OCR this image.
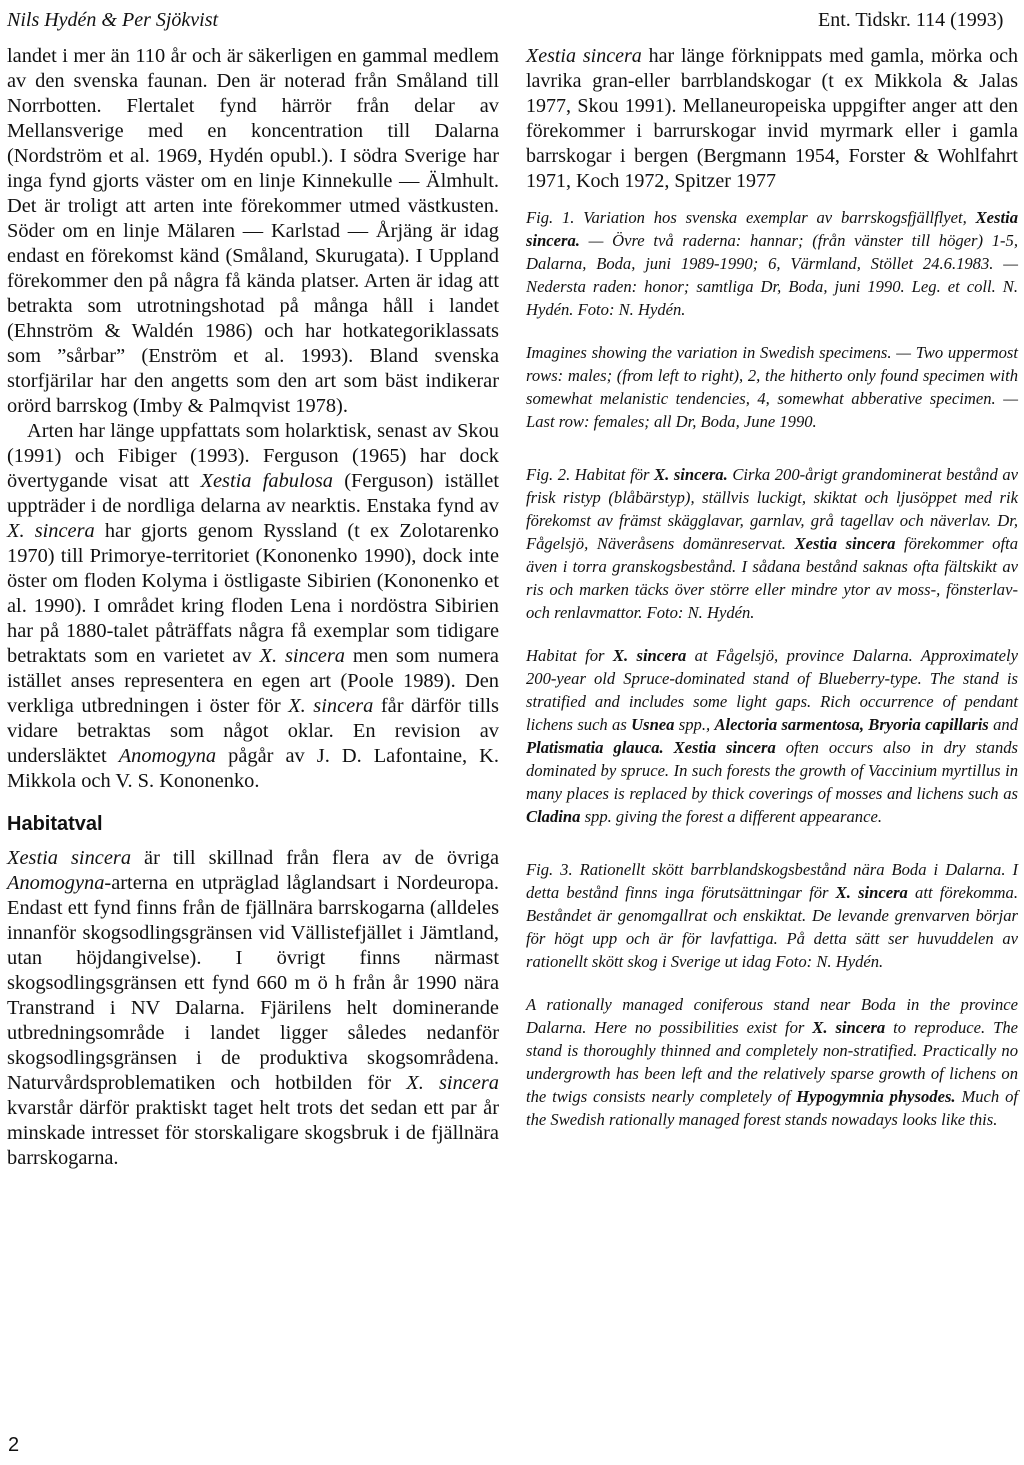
Nils Hydén & Per Sjökvist	Ent. Tidskr. 114 (1993)

landet i mer än 110 år och är säkerligen en gammal medlem av den svenska faunan. Den är noterad från Småland till Norrbotten. Flertalet fynd härrör från delar av Mellansverige med en koncentration till Dalarna (Nordström et al. 1969, Hydén opubl.). I södra Sverige har inga fynd gjorts väster om en linje Kinnekulle — Älmhult. Det är troligt att arten inte förekommer utmed västkusten. Söder om en linje Mälaren — Karlstad — Årjäng är idag endast en förekomst känd (Småland, Skurugata). I Uppland förekommer den på några få kända platser. Arten är idag att betrakta som utrotningshotad på många håll i landet (Ehnström & Waldén 1986) och har hotkategoriklassats som ”sårbar” (Enström et al. 1993). Bland svenska storfjärilar har den angetts som den art som bäst indikerar orörd barrskog (Imby & Palmqvist 1978).

Arten har länge uppfattats som holarktisk, senast av Skou (1991) och Fibiger (1993). Ferguson (1965) har dock övertygande visat att Xestia fabulosa (Ferguson) istället uppträder i de nordliga delarna av nearktis. Enstaka fynd av X. sincera har gjorts genom Ryssland (t ex Zolotarenko 1970) till Primorye-territoriet (Kononenko 1990), dock inte öster om floden Kolyma i östligaste Sibirien (Kononenko et al. 1990). I området kring floden Lena i nordöstra Sibirien har på 1880-talet påträffats några få exemplar som tidigare betraktats som en varietet av X. sincera men som numera istället anses representera en egen art (Poole 1989). Den verkliga utbredningen i öster för X. sincera får därför tills vidare betraktas som något oklar. En revision av undersläktet Anomogyna pågår av J. D. Lafontaine, K. Mikkola och V. S. Kononenko.

Habitatval

Xestia sincera är till skillnad från flera av de övriga Anomogyna-arterna en utpräglad låglandsart i Nordeuropa. Endast ett fynd finns från de fjällnära barrskogarna (alldeles innanför skogsodlingsgränsen vid Vällistefjället i Jämtland, utan höjdangivelse). I övrigt finns närmast skogsodlingsgränsen ett fynd 660 m ö h från år 1990 nära Transtrand i NV Dalarna. Fjärilens helt dominerande utbredningsområde i landet ligger således nedanför skogsodlingsgränsen i de produktiva skogsområdena. Naturvårdsproblematiken och hotbilden för X. sincera kvarstår därför praktiskt taget helt trots det sedan ett par år minskade intresset för storskaligare skogsbruk i de fjällnära barrskogarna.

Xestia sincera har länge förknippats med gamla, mörka och lavrika gran-eller barrblandskogar (t ex Mikkola & Jalas 1977, Skou 1991). Mellaneuropeiska uppgifter anger att den förekommer i barrurskogar invid myrmark eller i gamla barrskogar i bergen (Bergmann 1954, Forster & Wohlfahrt 1971, Koch 1972, Spitzer 1977

Fig. 1. Variation hos svenska exemplar av barrskogsfjällflyet, Xestia sincera. — Övre två raderna: hannar; (från vänster till höger) 1-5, Dalarna, Boda, juni 1989-1990; 6, Värmland, Stöllet 24.6.1983. — Nedersta raden: honor; samtliga Dr, Boda, juni 1990. Leg. et coll. N. Hydén. Foto: N. Hydén.

Imagines showing the variation in Swedish specimens. — Two uppermost rows: males; (from left to right), 2, the hitherto only found specimen with somewhat melanistic tendencies, 4, somewhat abberative specimen. — Last row: females; all Dr, Boda, June 1990.

Fig. 2. Habitat för X. sincera. Cirka 200-årigt grandominerat bestånd av frisk ristyp (blåbärstyp), ställvis luckigt, skiktat och ljusöppet med rik förekomst av främst skägglavar, garnlav, grå tagellav och näverlav. Dr, Fågelsjö, Näveråsens domänreservat. Xestia sincera förekommer ofta även i torra granskogsbestånd. I sådana bestånd saknas ofta fältskikt av ris och marken täcks över större eller mindre ytor av moss-, fönsterlav- och renlavmattor. Foto: N. Hydén.

Habitat for X. sincera at Fågelsjö, province Dalarna. Approximately 200-year old Spruce-dominated stand of Blueberry-type. The stand is stratified and includes some light gaps. Rich occurrence of pendant lichens such as Usnea spp., Alectoria sarmentosa, Bryoria capillaris and Platismatia glauca. Xestia sincera often occurs also in dry stands dominated by spruce. In such forests the growth of Vaccinium myrtillus in many places is replaced by thick coverings of mosses and lichens such as Cladina spp. giving the forest a different appearance.

Fig. 3. Rationellt skött barrblandskogsbestånd nära Boda i Dalarna. I detta bestånd finns inga förutsättningar för X. sincera att förekomma. Beståndet är genomgallrat och enskiktat. De levande grenvarven börjar för högt upp och är för lavfattiga. På detta sätt ser huvuddelen av rationellt skött skog i Sverige ut idag Foto: N. Hydén.

A rationally managed coniferous stand near Boda in the province Dalarna. Here no possibilities exist for X. sincera to reproduce. The stand is thoroughly thinned and completely non-stratified. Practically no undergrowth has been left and the relatively sparse growth of lichens on the twigs consists nearly completely of Hypogymnia physodes. Much of the Swedish rationally managed forest stands nowadays looks like this.

2
